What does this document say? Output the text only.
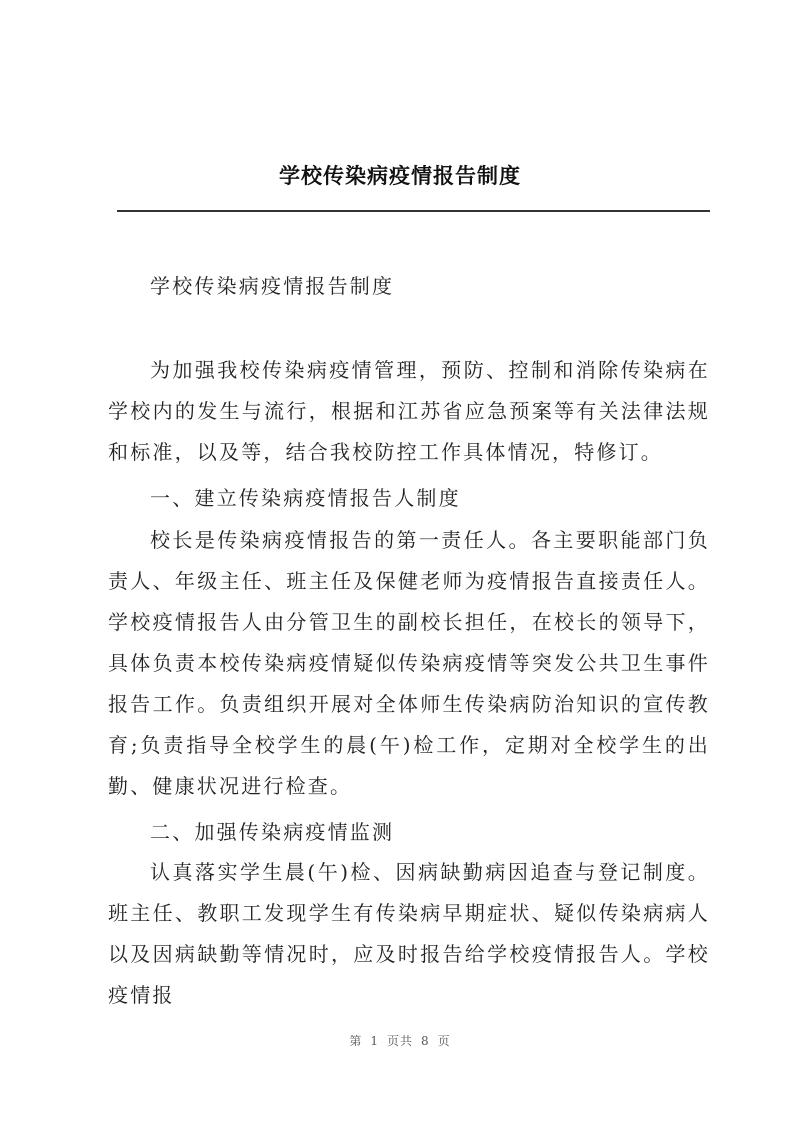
学校传染病疫情报告制度
学校传染病疫情报告制度

为加强我校传染病疫情管理，预防、控制和消除传染病在学校内的发生与流行，根据和江苏省应急预案等有关法律法规和标准，以及等，结合我校防控工作具体情况，特修订。

一、建立传染病疫情报告人制度

校长是传染病疫情报告的第一责任人。各主要职能部门负责人、年级主任、班主任及保健老师为疫情报告直接责任人。学校疫情报告人由分管卫生的副校长担任，在校长的领导下，具体负责本校传染病疫情疑似传染病疫情等突发公共卫生事件报告工作。负责组织开展对全体师生传染病防治知识的宣传教育;负责指导全校学生的晨(午)检工作，定期对全校学生的出勤、健康状况进行检查。

二、加强传染病疫情监测

认真落实学生晨(午)检、因病缺勤病因追查与登记制度。班主任、教职工发现学生有传染病早期症状、疑似传染病病人以及因病缺勤等情况时，应及时报告给学校疫情报告人。学校疫情报

第 1 页共 8 页
